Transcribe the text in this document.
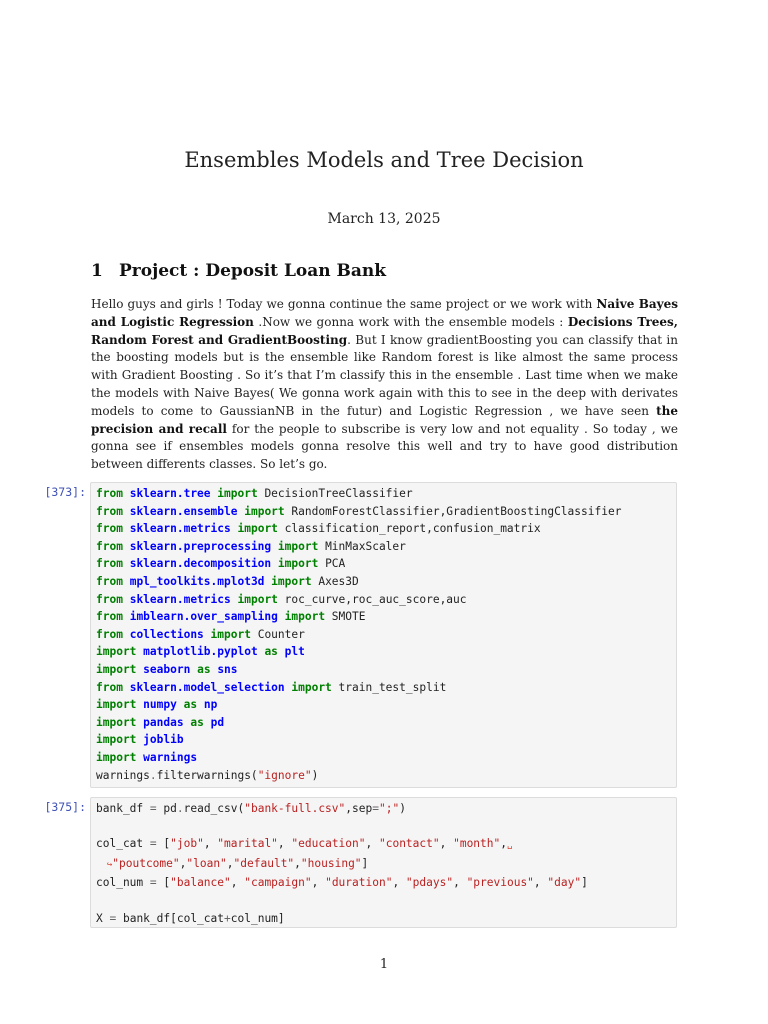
Ensembles Models and Tree Decision
March 13, 2025
1 Project : Deposit Loan Bank

Hello guys and girls ! Today we gonna continue the same project or we work with Naive Bayes and Logistic Regression .Now we gonna work with the ensemble models : Decisions Trees, Random Forest and GradientBoosting. But I know gradientBoosting you can classify that in the boosting models but is the ensemble like Random forest is like almost the same process with Gradient Boosting . So it’s that I’m classify this in the ensemble . Last time when we make the models with Naive Bayes( We gonna work again with this to see in the deep with derivates models to come to GaussianNB in the futur) and Logistic Regression , we have seen the precision and recall for the people to subscribe is very low and not equality . So today , we gonna see if ensembles models gonna resolve this well and try to have good distribution between differents classes. So let’s go.

[373]: from sklearn.tree import DecisionTreeClassifier
from sklearn.ensemble import RandomForestClassifier,GradientBoostingClassifier
from sklearn.metrics import classification_report,confusion_matrix
from sklearn.preprocessing import MinMaxScaler
from sklearn.decomposition import PCA
from mpl_toolkits.mplot3d import Axes3D
from sklearn.metrics import roc_curve,roc_auc_score,auc
from imblearn.over_sampling import SMOTE
from collections import Counter
import matplotlib.pyplot as plt
import seaborn as sns
from sklearn.model_selection import train_test_split
import numpy as np
import pandas as pd
import joblib
import warnings
warnings.filterwarnings("ignore")
[375]: bank_df = pd.read_csv("bank-full.csv",sep=";")

col_cat = ["job", "marital", "education", "contact", "month",␣
↪"poutcome","loan","default","housing"]
col_num = ["balance", "campaign", "duration", "pdays", "previous", "day"]

X = bank_df[col_cat+col_num]
1
